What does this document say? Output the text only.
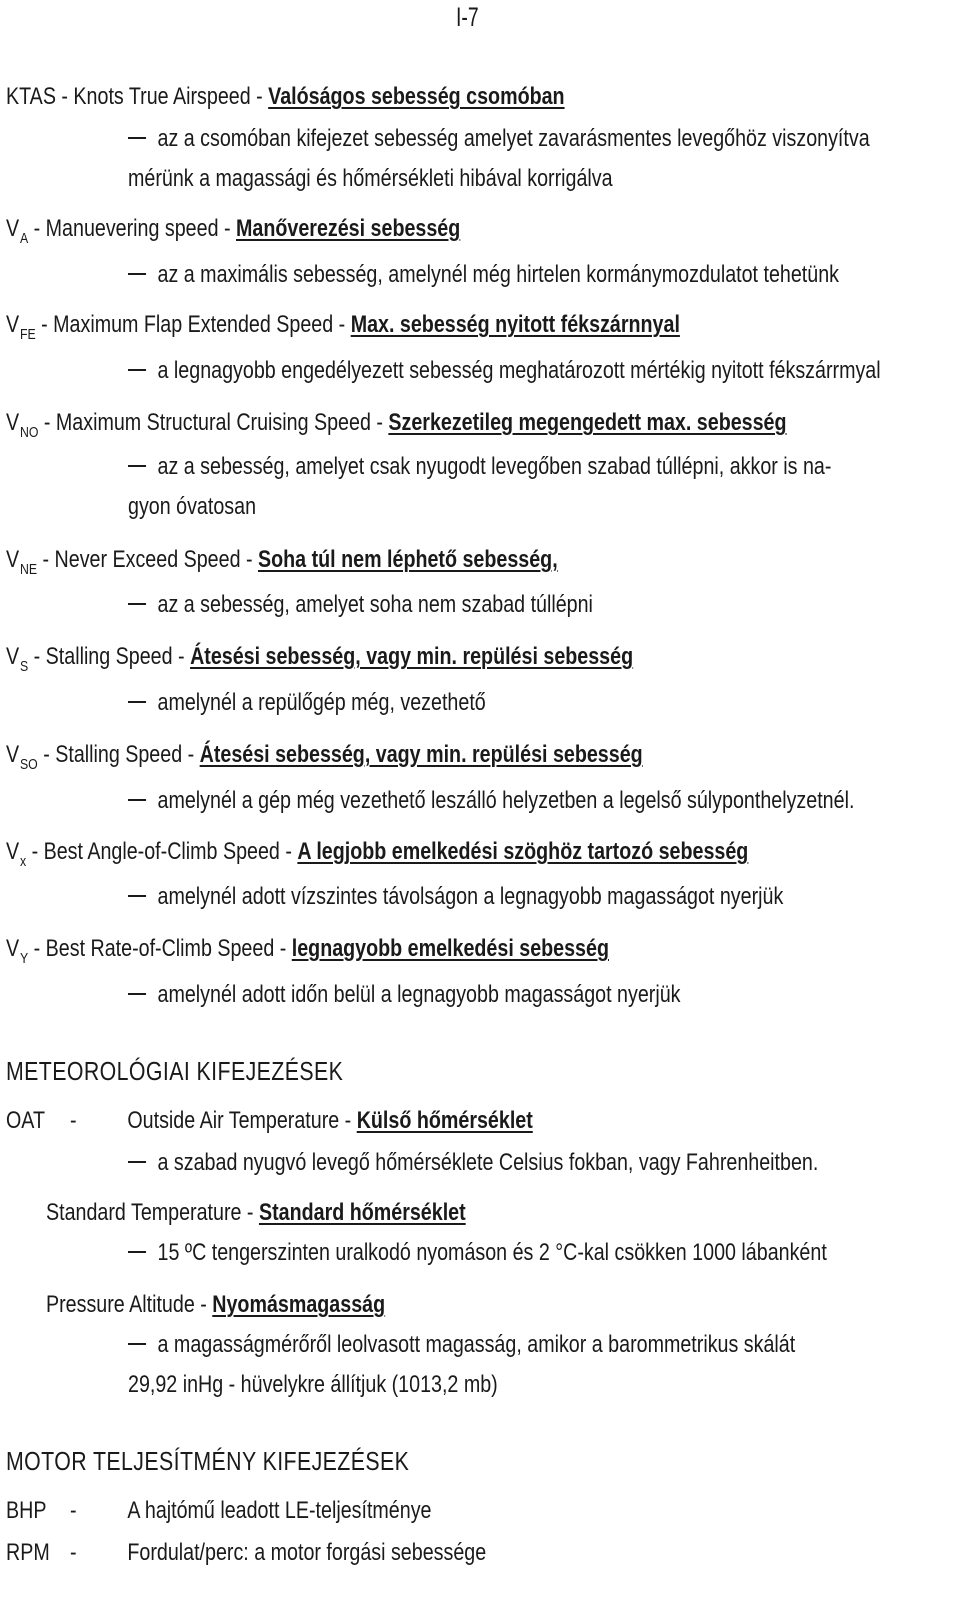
I-7
KTAS - Knots True Airspeed - Valóságos sebesség csomóban
az a csomóban kifejezet sebesség amelyet zavarásmentes levegőhöz viszonyítva
mérünk a magassági és hőmérsékleti hibával korrigálva
$V_A$ - Manuevering speed - Manőverezési sebesség
az a maximális sebesség, amelynél még hirtelen kormánymozdulatot tehetünk
$V_{FE}$ - Maximum Flap Extended Speed - Max. sebesség nyitott fékszárnnyal
a legnagyobb engedélyezett sebesség meghatározott mértékig nyitott fékszárrmyal
$V_{NO}$ - Maximum Structural Cruising Speed - Szerkezetileg megengedett max. sebesség
az a sebesség, amelyet csak nyugodt levegőben szabad túllépni, akkor is na-
gyon óvatosan
$V_{NE}$ - Never Exceed Speed - Soha túl nem léphető sebesség,
az a sebesség, amelyet soha nem szabad túllépni
$V_S$ - Stalling Speed - Átesési sebesség, vagy min. repülési sebesség
amelynél a repülőgép még, vezethető
$V_{SO}$ - Stalling Speed - Átesési sebesség, vagy min. repülési sebesség
amelynél a gép még vezethető leszálló helyzetben a legelső súlyponthelyzetnél.
$V_x$ - Best Angle-of-Climb Speed - A legjobb emelkedési szöghöz tartozó sebesség
amelynél adott vízszintes távolságon a legnagyobb magasságot nyerjük
$V_Y$ - Best Rate-of-Climb Speed - legnagyobb emelkedési sebesség
amelynél adott időn belül a legnagyobb magasságot nyerjük
METEOROLÓGIAI KIFEJEZÉSEK
OAT - Outside Air Temperature - Külső hőmérséklet
a szabad nyugvó levegő hőmérséklete Celsius fokban, vagy Fahrenheitben.
Standard Temperature - Standard hőmérséklet
15 ºC tengerszinten uralkodó nyomáson és 2 °C-kal csökken 1000 lábanként
Pressure Altitude - Nyomásmagasság
a magasságmérőről leolvasott magasság, amikor a barommetrikus skálát
29,92 inHg - hüvelykre állítjuk (1013,2 mb)
MOTOR TELJESÍTMÉNY KIFEJEZÉSEK
BHP - A hajtómű leadott LE-teljesítménye
RPM - Fordulat/perc: a motor forgási sebessége
